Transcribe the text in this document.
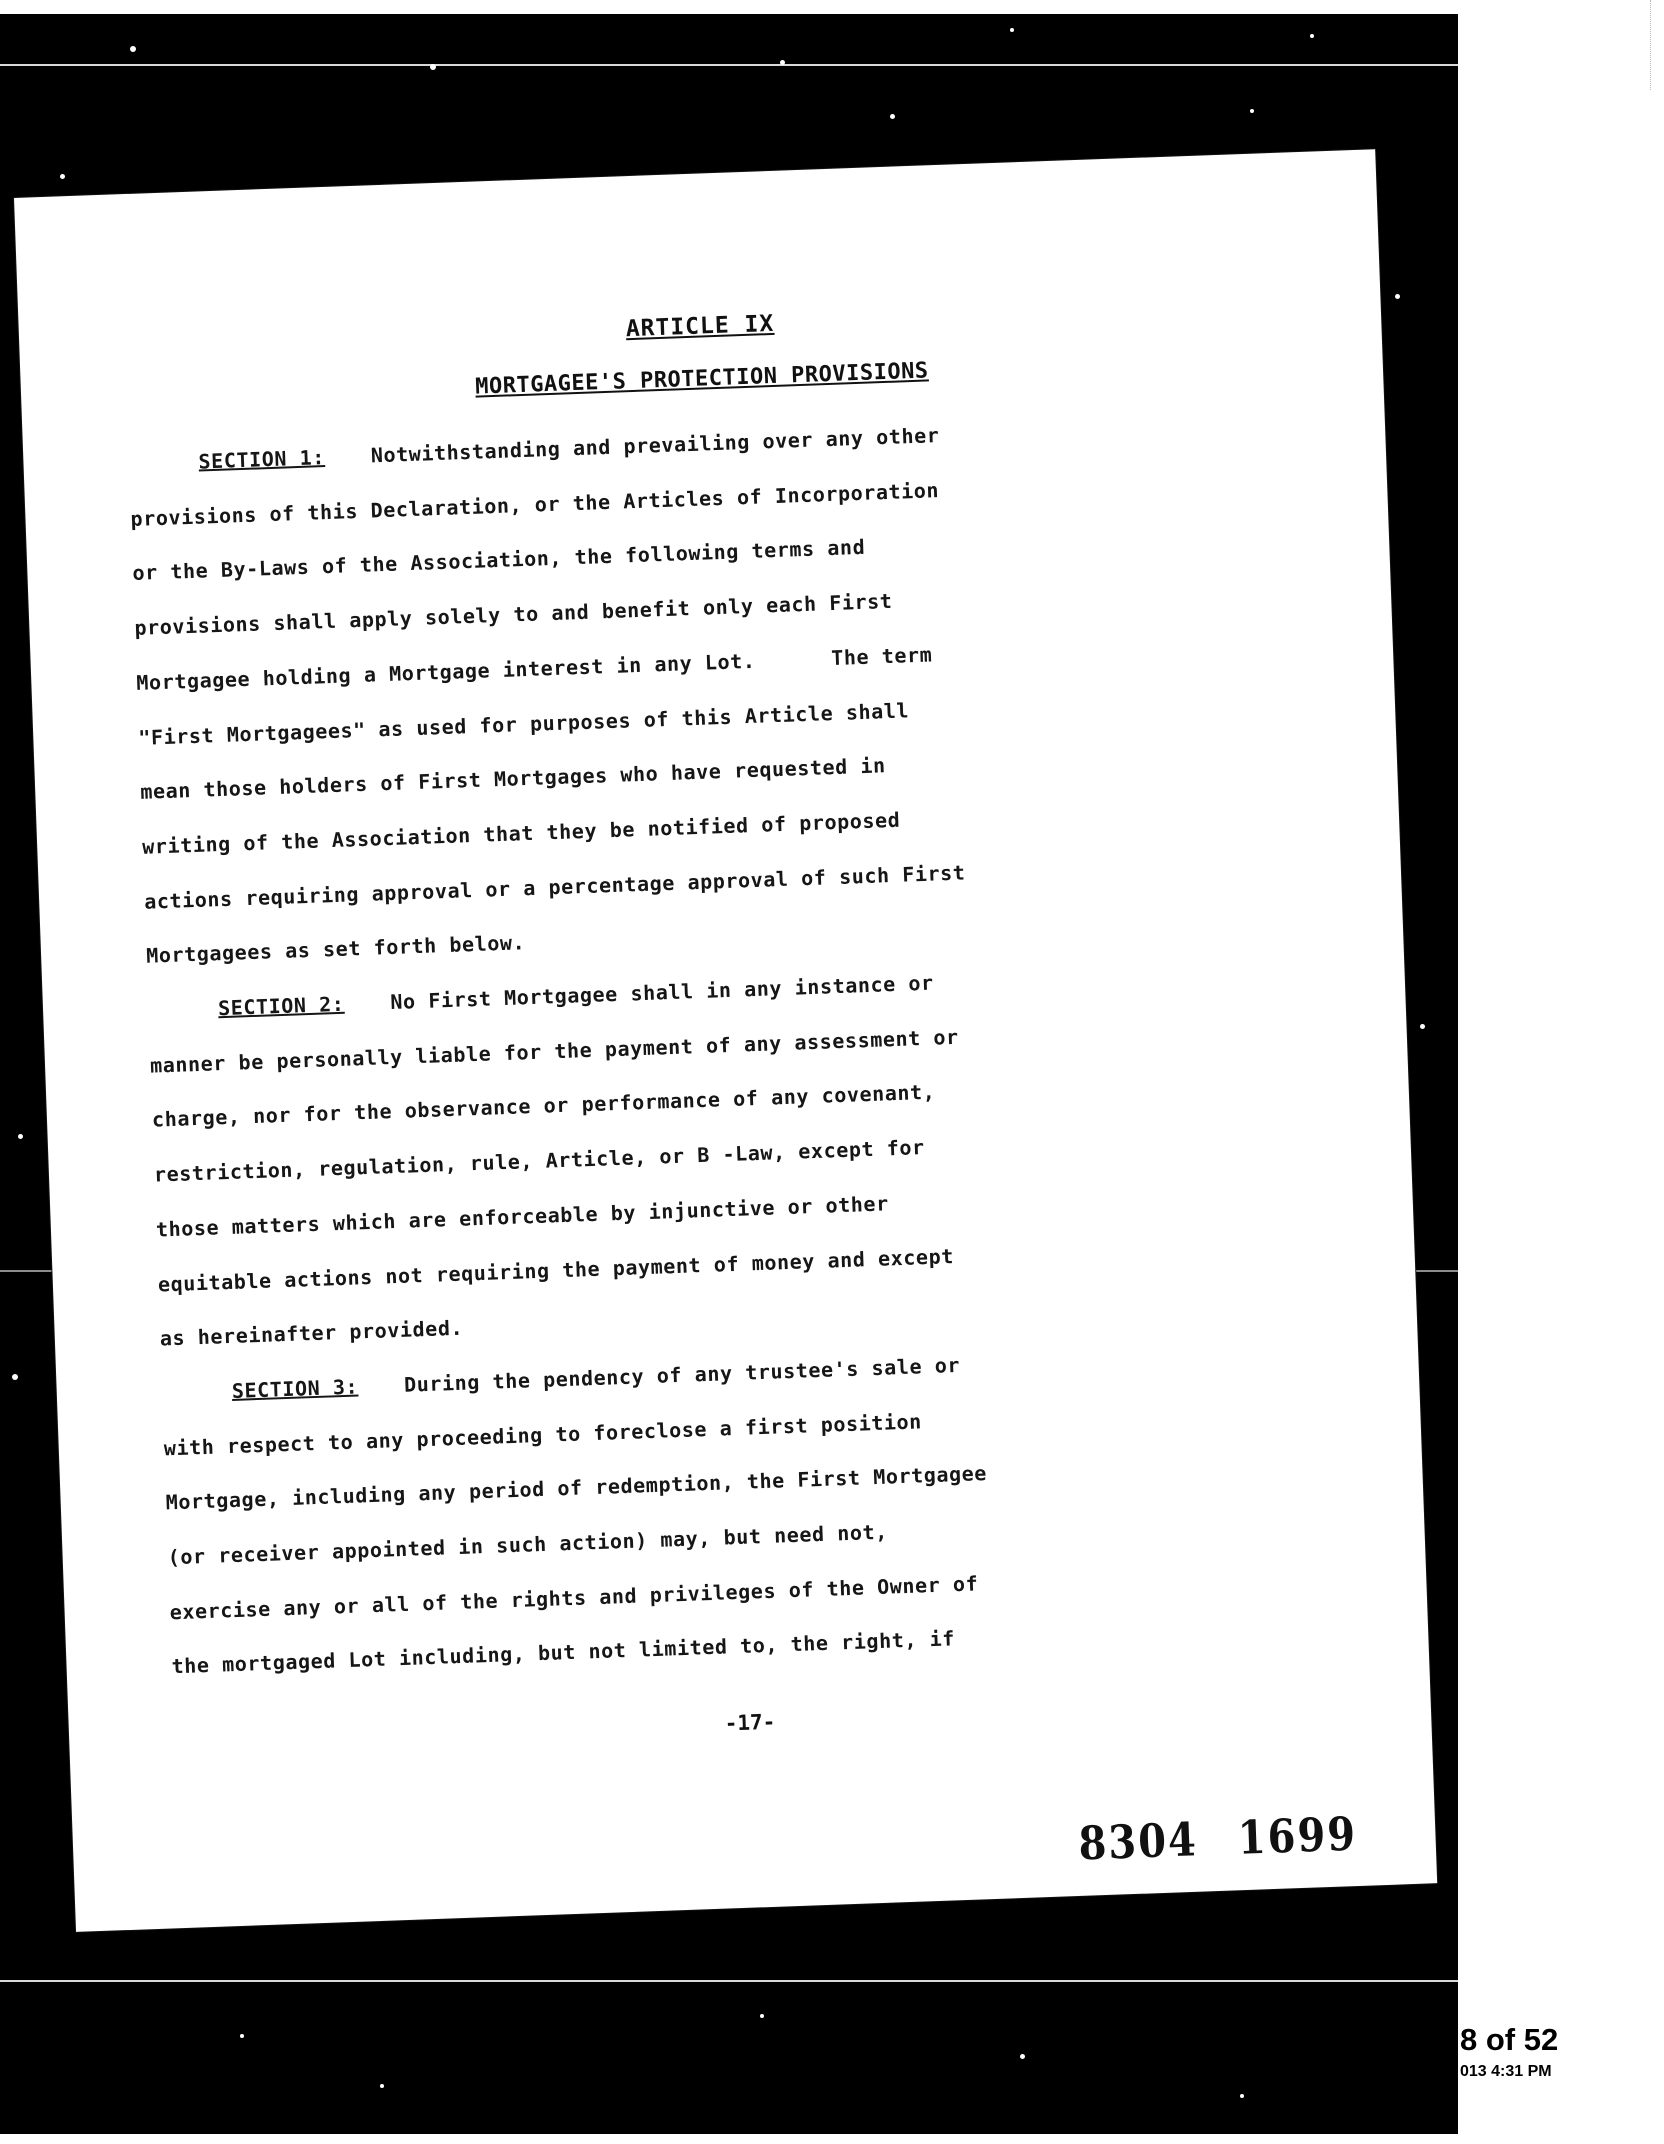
ARTICLE IX
MORTGAGEE'S PROTECTION PROVISIONS
SECTION 1: Notwithstanding and prevailing over any other
provisions of this Declaration, or the Articles of Incorporation
or the By-Laws of the Association, the following terms and
provisions shall apply solely to and benefit only each First
Mortgagee holding a Mortgage interest in any Lot.      The term
"First Mortgagees" as used for purposes of this Article shall
mean those holders of First Mortgages who have requested in
writing of the Association that they be notified of proposed
actions requiring approval or a percentage approval of such First
Mortgagees as set forth below.
SECTION 2: No First Mortgagee shall in any instance or
manner be personally liable for the payment of any assessment or
charge, nor for the observance or performance of any covenant,
restriction, regulation, rule, Article, or B -Law, except for
those matters which are enforceable by injunctive or other
equitable actions not requiring the payment of money and except
as hereinafter provided.
SECTION 3: During the pendency of any trustee's sale or
with respect to any proceeding to foreclose a first position
Mortgage, including any period of redemption, the First Mortgagee
(or receiver appointed in such action) may, but need not,
exercise any or all of the rights and privileges of the Owner of
the mortgaged Lot including, but not limited to, the right, if
-17-
8304 1699
8 of 52
013 4:31 PM
